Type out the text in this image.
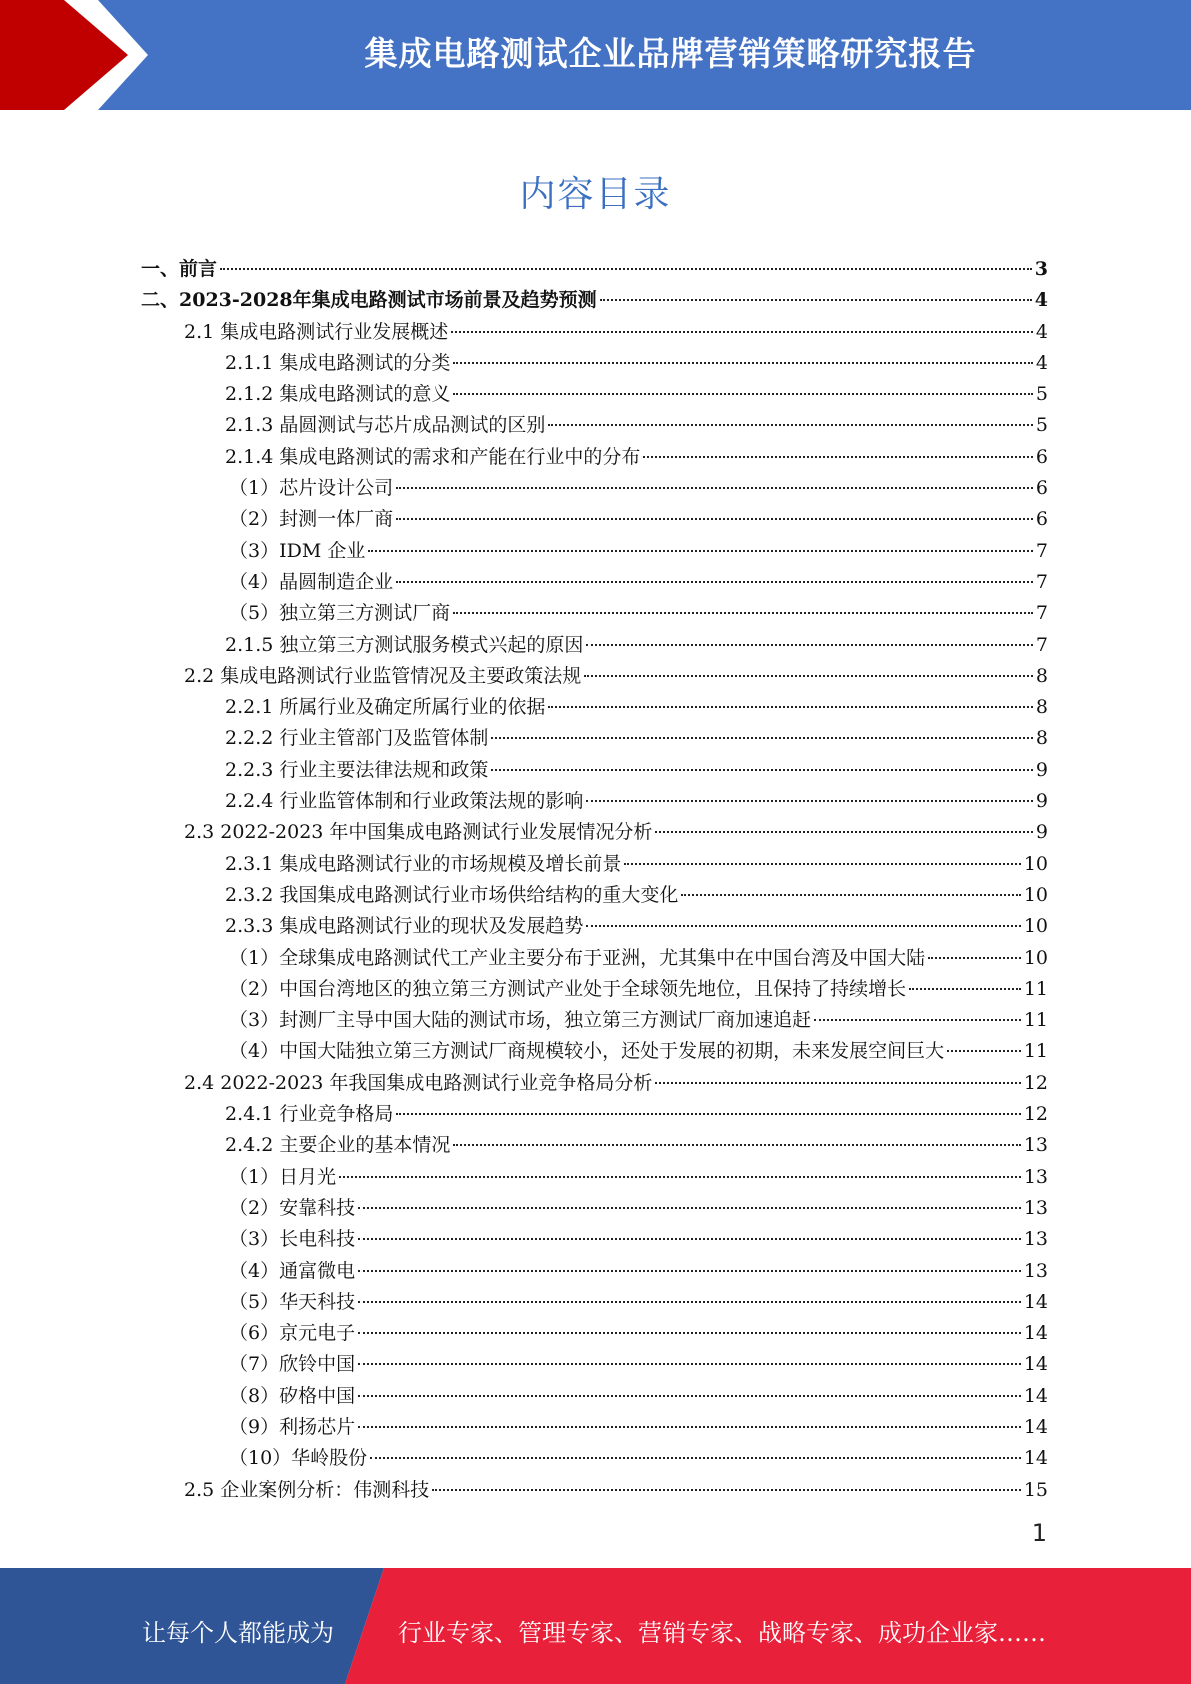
集成电路测试企业品牌营销策略研究报告
内容目录
一、前言	3
二、2023-2028年集成电路测试市场前景及趋势预测	4
2.1 集成电路测试行业发展概述	4
2.1.1 集成电路测试的分类	4
2.1.2 集成电路测试的意义	5
2.1.3 晶圆测试与芯片成品测试的区别	5
2.1.4 集成电路测试的需求和产能在行业中的分布	6
（1）芯片设计公司	6
（2）封测一体厂商	6
（3）IDM 企业	7
（4）晶圆制造企业	7
（5）独立第三方测试厂商	7
2.1.5 独立第三方测试服务模式兴起的原因	7
2.2 集成电路测试行业监管情况及主要政策法规	8
2.2.1 所属行业及确定所属行业的依据	8
2.2.2 行业主管部门及监管体制	8
2.2.3 行业主要法律法规和政策	9
2.2.4 行业监管体制和行业政策法规的影响	9
2.3 2022-2023 年中国集成电路测试行业发展情况分析	9
2.3.1 集成电路测试行业的市场规模及增长前景	10
2.3.2 我国集成电路测试行业市场供给结构的重大变化	10
2.3.3 集成电路测试行业的现状及发展趋势	10
（1）全球集成电路测试代工产业主要分布于亚洲，尤其集中在中国台湾及中国大陆	10
（2）中国台湾地区的独立第三方测试产业处于全球领先地位，且保持了持续增长	11
（3）封测厂主导中国大陆的测试市场，独立第三方测试厂商加速追赶	11
（4）中国大陆独立第三方测试厂商规模较小，还处于发展的初期，未来发展空间巨大	11
2.4 2022-2023 年我国集成电路测试行业竞争格局分析	12
2.4.1 行业竞争格局	12
2.4.2 主要企业的基本情况	13
（1）日月光	13
（2）安靠科技	13
（3）长电科技	13
（4）通富微电	13
（5）华天科技	14
（6）京元电子	14
（7）欣铃中国	14
（8）矽格中国	14
（9）利扬芯片	14
（10）华岭股份	14
2.5 企业案例分析：伟测科技	15
1
让每个人都能成为	行业专家、管理专家、营销专家、战略专家、成功企业家……
